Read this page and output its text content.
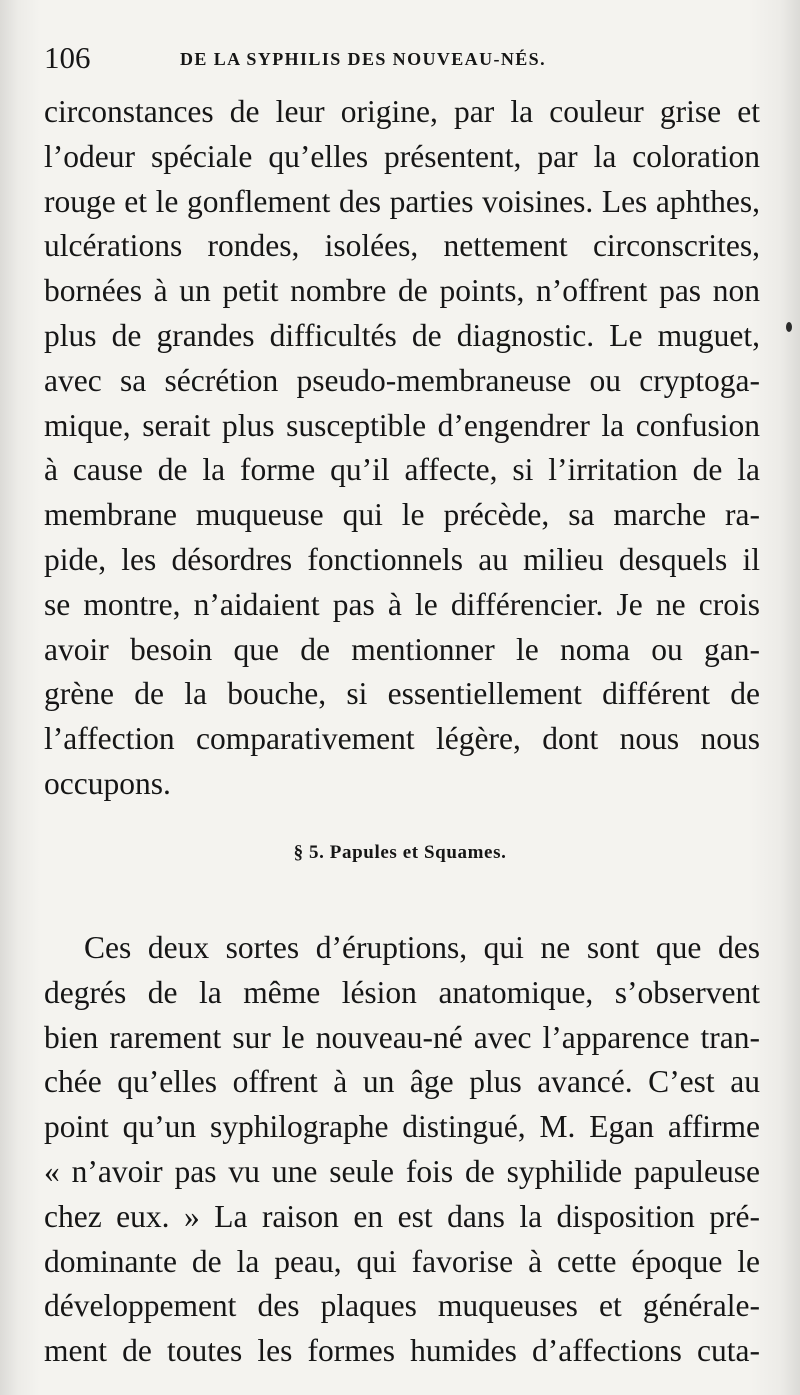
106	DE LA SYPHILIS DES NOUVEAU-NÉS.
circonstances de leur origine, par la couleur grise et
l’odeur spéciale qu’elles présentent, par la coloration
rouge et le gonflement des parties voisines. Les aphthes,
ulcérations rondes, isolées, nettement circonscrites,
bornées à un petit nombre de points, n’offrent pas non
plus de grandes difficultés de diagnostic. Le muguet,
avec sa sécrétion pseudo-membraneuse ou cryptoga-
mique, serait plus susceptible d’engendrer la confusion
à cause de la forme qu’il affecte, si l’irritation de la
membrane muqueuse qui le précède, sa marche ra-
pide, les désordres fonctionnels au milieu desquels il
se montre, n’aidaient pas à le différencier. Je ne crois
avoir besoin que de mentionner le noma ou gan-
grène de la bouche, si essentiellement différent de
l’affection comparativement légère, dont nous nous
occupons.
§ 5. Papules et Squames.
Ces deux sortes d’éruptions, qui ne sont que des
degrés de la même lésion anatomique, s’observent
bien rarement sur le nouveau-né avec l’apparence tran-
chée qu’elles offrent à un âge plus avancé. C’est au
point qu’un syphilographe distingué, M. Egan affirme
« n’avoir pas vu une seule fois de syphilide papuleuse
chez eux. » La raison en est dans la disposition pré-
dominante de la peau, qui favorise à cette époque le
développement des plaques muqueuses et générale-
ment de toutes les formes humides d’affections cuta-
